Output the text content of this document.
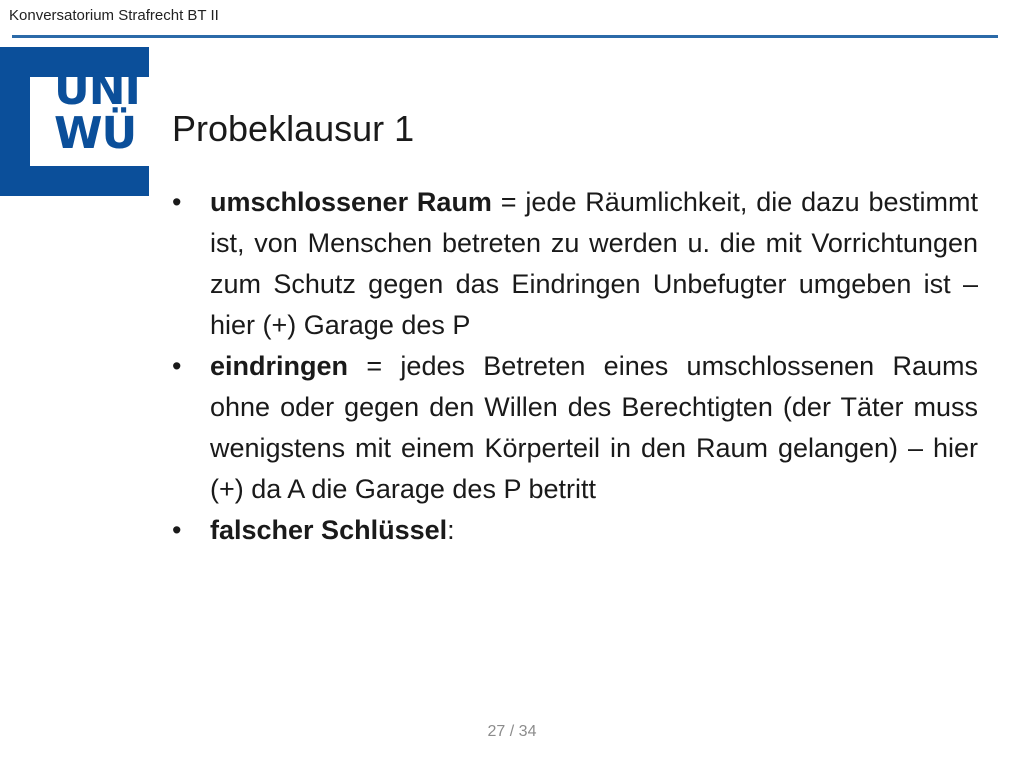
Konversatorium Strafrecht BT II
UNI
WÜ Probeklausur 1
•	umschlossener Raum = jede Räumlichkeit, die dazu bestimmt ist, von Menschen betreten zu werden u. die mit Vorrichtungen zum Schutz gegen das Eindringen Unbefugter umgeben ist – hier (+) Garage des P
•	eindringen = jedes Betreten eines umschlossenen Raums ohne oder gegen den Willen des Berechtigten (der Täter muss wenigstens mit einem Körperteil in den Raum gelangen) – hier (+) da A die Garage des P betritt
•	falscher Schlüssel:
27 / 34
